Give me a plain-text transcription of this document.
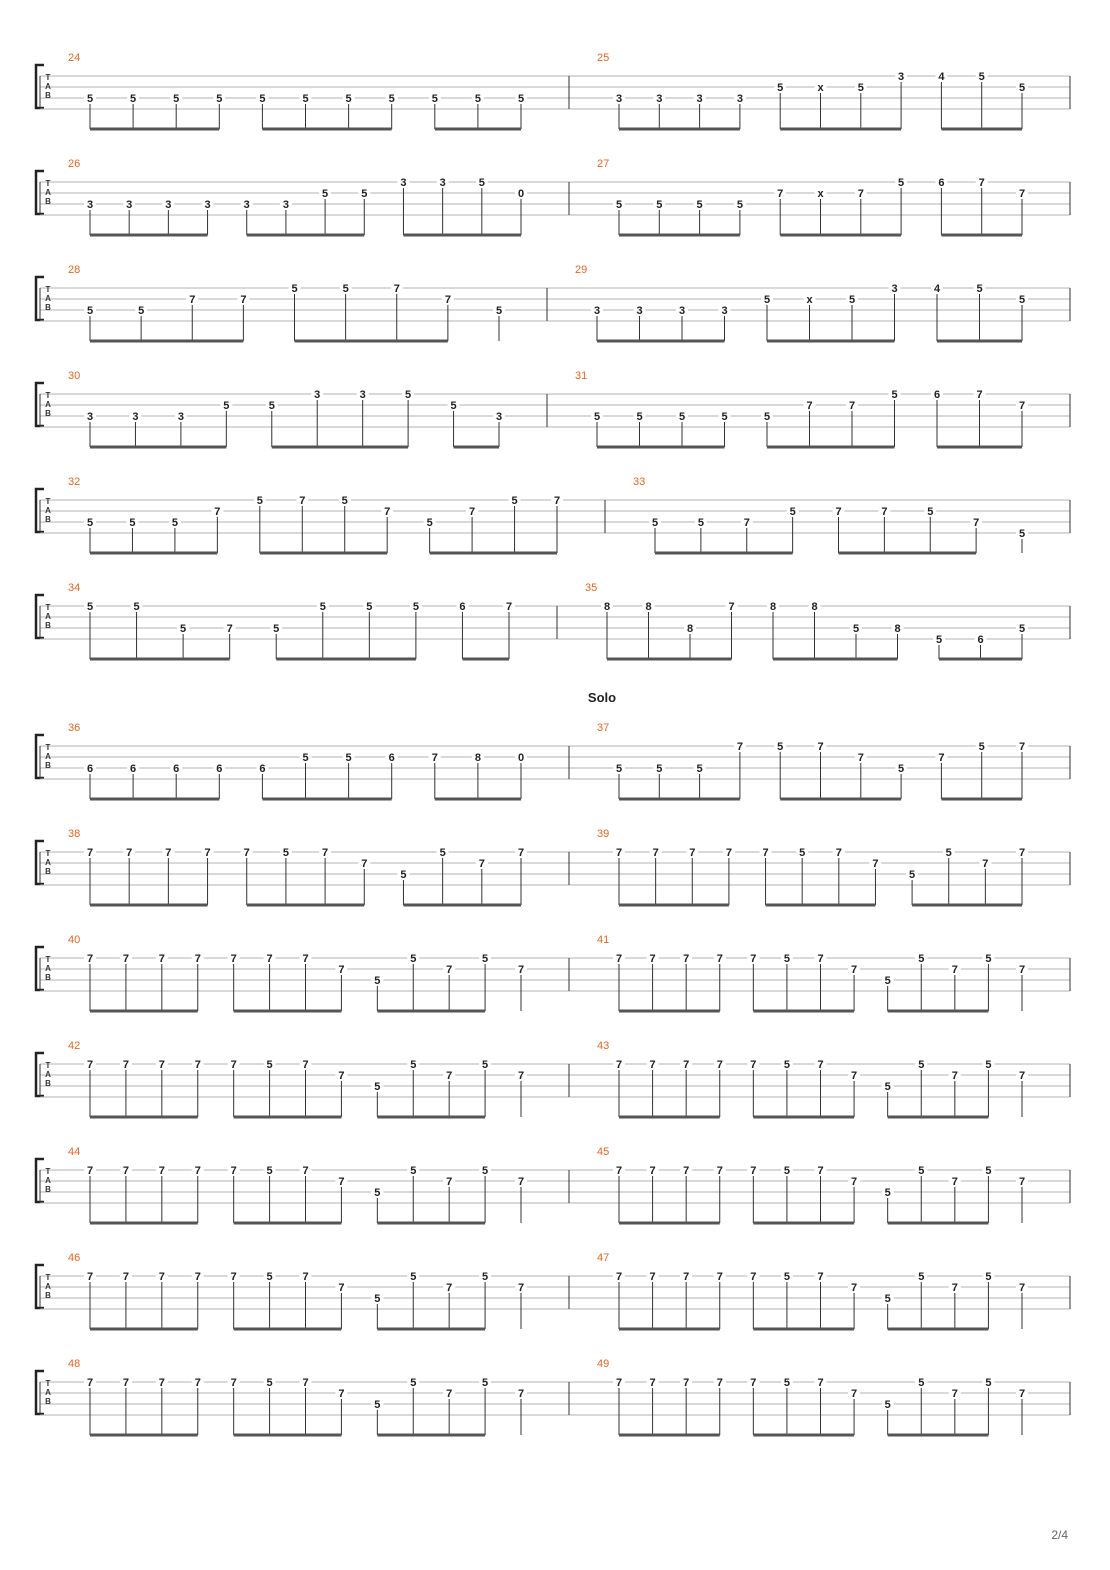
Solo
T
A
B
24
5	5	5	5	5	5	5	5	5	5	5
25
3	3	3	3
5	x	5
3	4	5
5
T
A
B
26
3	3	3	3	3	3
5	5
3	3	5
0
27
5	5	5	5
7	x	7
5	6	7
7
T
A
B
28
5	5
7	7
5	5	7
7
5
29
3	3	3	3
5	x	5
3	4	5
5
T
A
B
30
3	3	3
5	5
3	3	5
5
3
31
5	5	5	5	5
7	7
5	6	7
7
T
A
B
32
5	5	5
7
5	7	5
7
5
7
5	7
33
5	5	7
5	7	7	5
7
5
T
A
B
34
5	5
5	7	5
5	5	5	6	7
35
8	8
8
7	8	8
5	8
5	6
5
T
A
B
36
6	6	6	6	6
5	5	6	7	8	0
37
5	5	5
7	5	7
7
5
7
5	7
T
A
B
38
7	7	7	7	7	5	7
7
5
5
7
7
39
7	7	7	7	7	5	7
7
5
5
7
7
T
A
B
40
7	7	7	7	7	7	7
7
5
5
7
5
7
41
7 7 7 7 7 5 7
7
5
5
7
5
7
T
A
B
42
7	7	7	7	7	5	7
7
5
5
7
5
7
43
7 7 7 7 7 5 7
7
5
5
7
5
7
T
A
B
44
7	7	7	7	7	5	7
7
5
5
7
5
7
45
7 7 7 7 7 5 7
7
5
5
7
5
7
T
A
B
46
7	7	7	7	7	5	7
7
5
5
7
5
7
47
7 7 7 7 7 5 7
7
5
5
7
5
7
T
A
B
48
7	7	7	7	7	5	7
7
5
5
7
5
7
49
7 7 7 7 7 5 7
7
5
5
7
5
7
2/4
